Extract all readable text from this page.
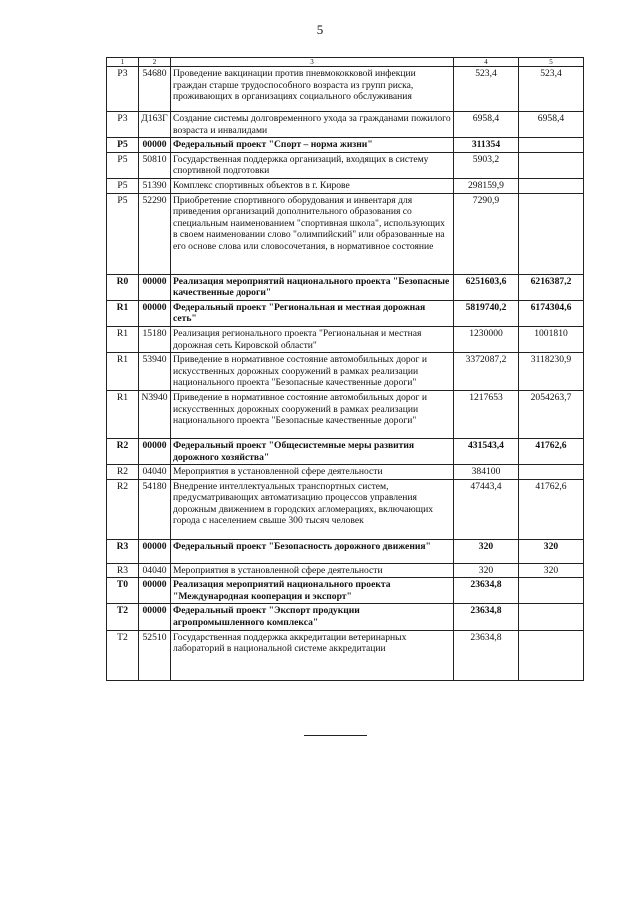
5
1	2	3	4	5
P3	54680	Проведение вакцинации против пневмококковой инфекции граждан старше трудоспособного возраста из групп риска, проживающих в организациях социального обслуживания	523,4	523,4
P3	Д163Г	Создание системы долговременного ухода за гражданами пожилого возраста и инвалидами	6958,4	6958,4
P5	00000	Федеральный проект "Спорт – норма жизни"	311354	
P5	50810	Государственная поддержка организаций, входящих в систему спортивной подготовки	5903,2	
P5	51390	Комплекс спортивных объектов в г. Кирове	298159,9	
P5	52290	Приобретение спортивного оборудования и инвентаря для приведения организаций дополнительного образования со специальным наименованием "спортивная школа", использующих в своем наименовании слово "олимпийский" или образованные на его основе слова или словосочетания, в нормативное состояние	7290,9	
R0	00000	Реализация мероприятий национального проекта "Безопасные качественные дороги"	6251603,6	6216387,2
R1	00000	Федеральный проект "Региональная и местная дорожная сеть"	5819740,2	6174304,6
R1	15180	Реализация регионального проекта "Региональная и местная дорожная сеть Кировской области"	1230000	1001810
R1	53940	Приведение в нормативное состояние автомобильных дорог и искусственных дорожных сооружений в рамках реализации национального проекта "Безопасные качественные дороги"	3372087,2	3118230,9
R1	N3940	Приведение в нормативное состояние автомобильных дорог и искусственных дорожных сооружений в рамках реализации национального проекта "Безопасные качественные дороги"	1217653	2054263,7
R2	00000	Федеральный проект "Общесистемные меры развития дорожного хозяйства"	431543,4	41762,6
R2	04040	Мероприятия в установленной сфере деятельности	384100	
R2	54180	Внедрение интеллектуальных транспортных систем, предусматривающих автоматизацию процессов управления дорожным движением в городских агломерациях, включающих города с населением свыше 300 тысяч человек	47443,4	41762,6
R3	00000	Федеральный проект "Безопасность дорожного движения"	320	320
R3	04040	Мероприятия в установленной сфере деятельности	320	320
T0	00000	Реализация мероприятий национального проекта "Международная кооперация и экспорт"	23634,8	
T2	00000	Федеральный проект "Экспорт продукции агропромышленного комплекса"	23634,8	
T2	52510	Государственная поддержка аккредитации ветеринарных лабораторий в национальной системе аккредитации	23634,8	
